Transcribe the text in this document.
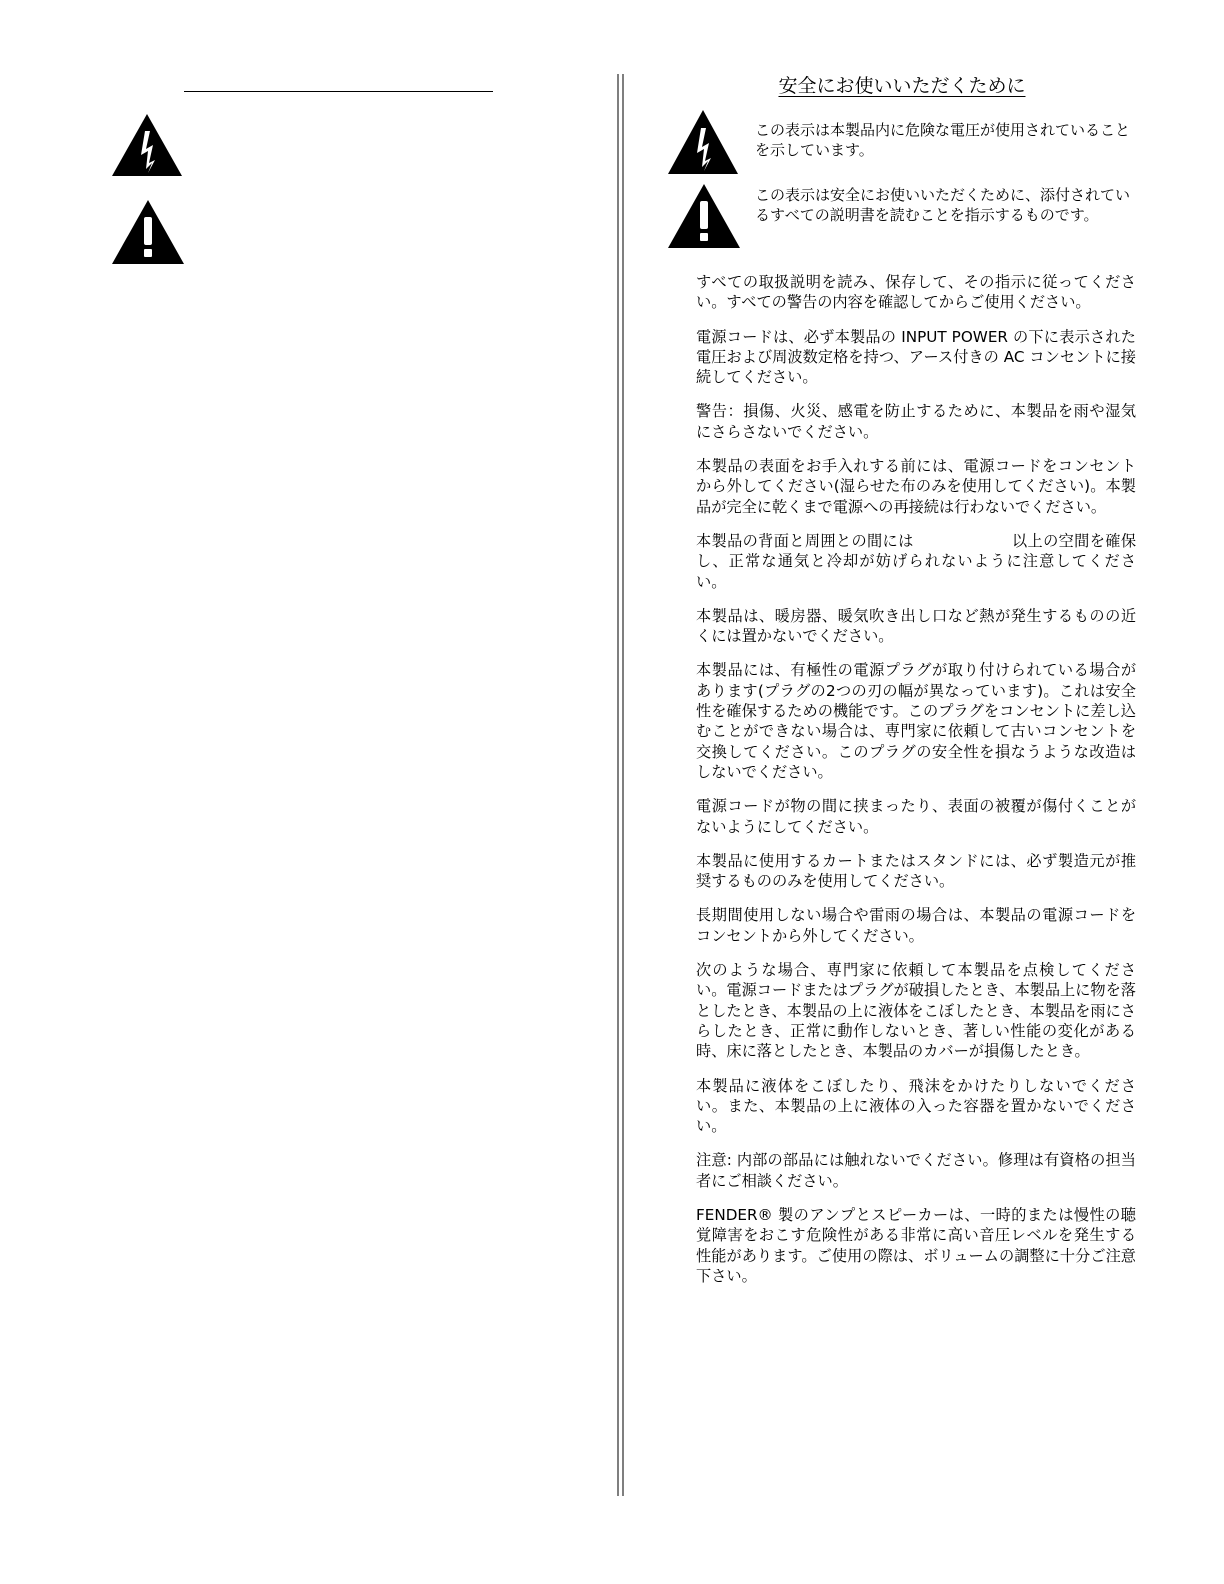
安全にお使いいただくために

この表示は本製品内に危険な電圧が使用されていることを示しています。

この表示は安全にお使いいただくために、添付されているすべての説明書を読むことを指示するものです。

すべての取扱説明を読み、保存して、その指示に従ってください。すべての警告の内容を確認してからご使用ください。

電源コードは、必ず本製品の INPUT POWER の下に表示された電圧および周波数定格を持つ、アース付きの AC コンセントに接続してください。

警告：損傷、火災、感電を防止するために、本製品を雨や湿気にさらさないでください。

本製品の表面をお手入れする前には、電源コードをコンセントから外してください(湿らせた布のみを使用してください)。本製品が完全に乾くまで電源への再接続は行わないでください。

本製品の背面と周囲との間には	以上の空間を確保し、正常な通気と冷却が妨げられないように注意してください。

本製品は、暖房器、暖気吹き出し口など熱が発生するものの近くには置かないでください。

本製品には、有極性の電源プラグが取り付けられている場合があります(プラグの2つの刃の幅が異なっています)。これは安全性を確保するための機能です。このプラグをコンセントに差し込むことができない場合は、専門家に依頼して古いコンセントを交換してください。このプラグの安全性を損なうような改造はしないでください。

電源コードが物の間に挟まったり、表面の被覆が傷付くことがないようにしてください。

本製品に使用するカートまたはスタンドには、必ず製造元が推奨するもののみを使用してください。

長期間使用しない場合や雷雨の場合は、本製品の電源コードをコンセントから外してください。

次のような場合、専門家に依頼して本製品を点検してください。電源コードまたはプラグが破損したとき、本製品上に物を落としたとき、本製品の上に液体をこぼしたとき、本製品を雨にさらしたとき、正常に動作しないとき、著しい性能の変化がある時、床に落としたとき、本製品のカバーが損傷したとき。

本製品に液体をこぼしたり、飛沫をかけたりしないでください。また、本製品の上に液体の入った容器を置かないでください。

注意: 内部の部品には触れないでください。修理は有資格の担当者にご相談ください。

FENDER® 製のアンプとスピーカーは、一時的または慢性の聴覚障害をおこす危険性がある非常に高い音圧レベルを発生する性能があります。ご使用の際は、ボリュームの調整に十分ご注意下さい。
